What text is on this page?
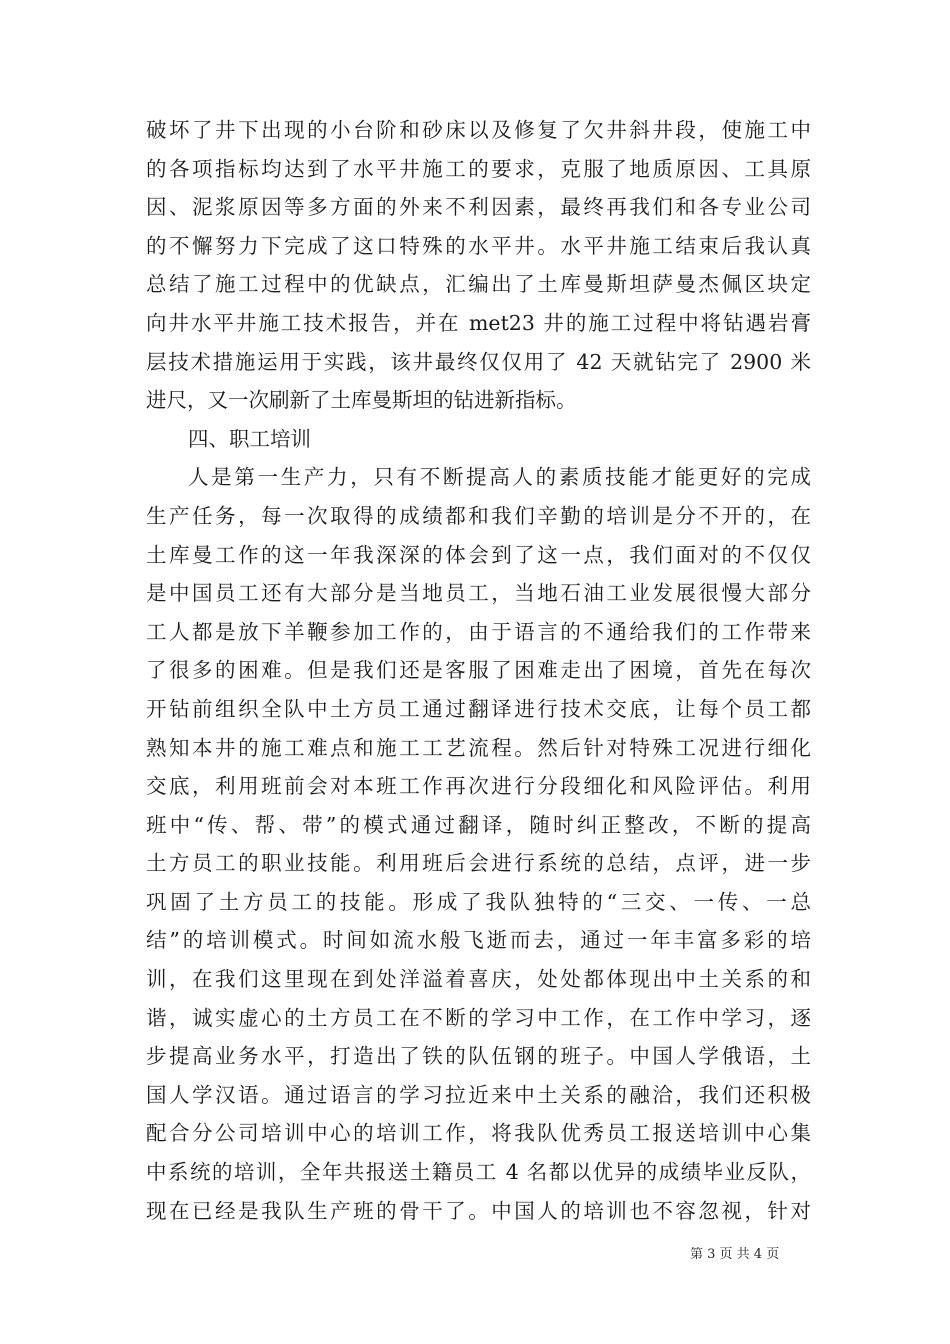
破坏了井下出现的小台阶和砂床以及修复了欠井斜井段，使施工中
的各项指标均达到了水平井施工的要求，克服了地质原因、工具原
因、泥浆原因等多方面的外来不利因素，最终再我们和各专业公司
的不懈努力下完成了这口特殊的水平井。水平井施工结束后我认真
总结了施工过程中的优缺点，汇编出了土库曼斯坦萨曼杰佩区块定
向井水平井施工技术报告，并在 met23 井的施工过程中将钻遇岩膏
层技术措施运用于实践，该井最终仅仅用了 42 天就钻完了 2900 米
进尺，又一次刷新了土库曼斯坦的钻进新指标。
四、职工培训
人是第一生产力，只有不断提高人的素质技能才能更好的完成
生产任务，每一次取得的成绩都和我们辛勤的培训是分不开的，在
土库曼工作的这一年我深深的体会到了这一点，我们面对的不仅仅
是中国员工还有大部分是当地员工，当地石油工业发展很慢大部分
工人都是放下羊鞭参加工作的，由于语言的不通给我们的工作带来
了很多的困难。但是我们还是客服了困难走出了困境，首先在每次
开钻前组织全队中土方员工通过翻译进行技术交底，让每个员工都
熟知本井的施工难点和施工工艺流程。然后针对特殊工况进行细化
交底，利用班前会对本班工作再次进行分段细化和风险评估。利用
班中“传、帮、带”的模式通过翻译，随时纠正整改，不断的提高
土方员工的职业技能。利用班后会进行系统的总结，点评，进一步
巩固了土方员工的技能。形成了我队独特的“三交、一传、一总
结”的培训模式。时间如流水般飞逝而去，通过一年丰富多彩的培
训，在我们这里现在到处洋溢着喜庆，处处都体现出中土关系的和
谐，诚实虚心的土方员工在不断的学习中工作，在工作中学习，逐
步提高业务水平，打造出了铁的队伍钢的班子。中国人学俄语，土
国人学汉语。通过语言的学习拉近来中土关系的融洽，我们还积极
配合分公司培训中心的培训工作，将我队优秀员工报送培训中心集
中系统的培训，全年共报送土籍员工 4 名都以优异的成绩毕业反队，
现在已经是我队生产班的骨干了。中国人的培训也不容忽视，针对
第 3 页 共 4 页
